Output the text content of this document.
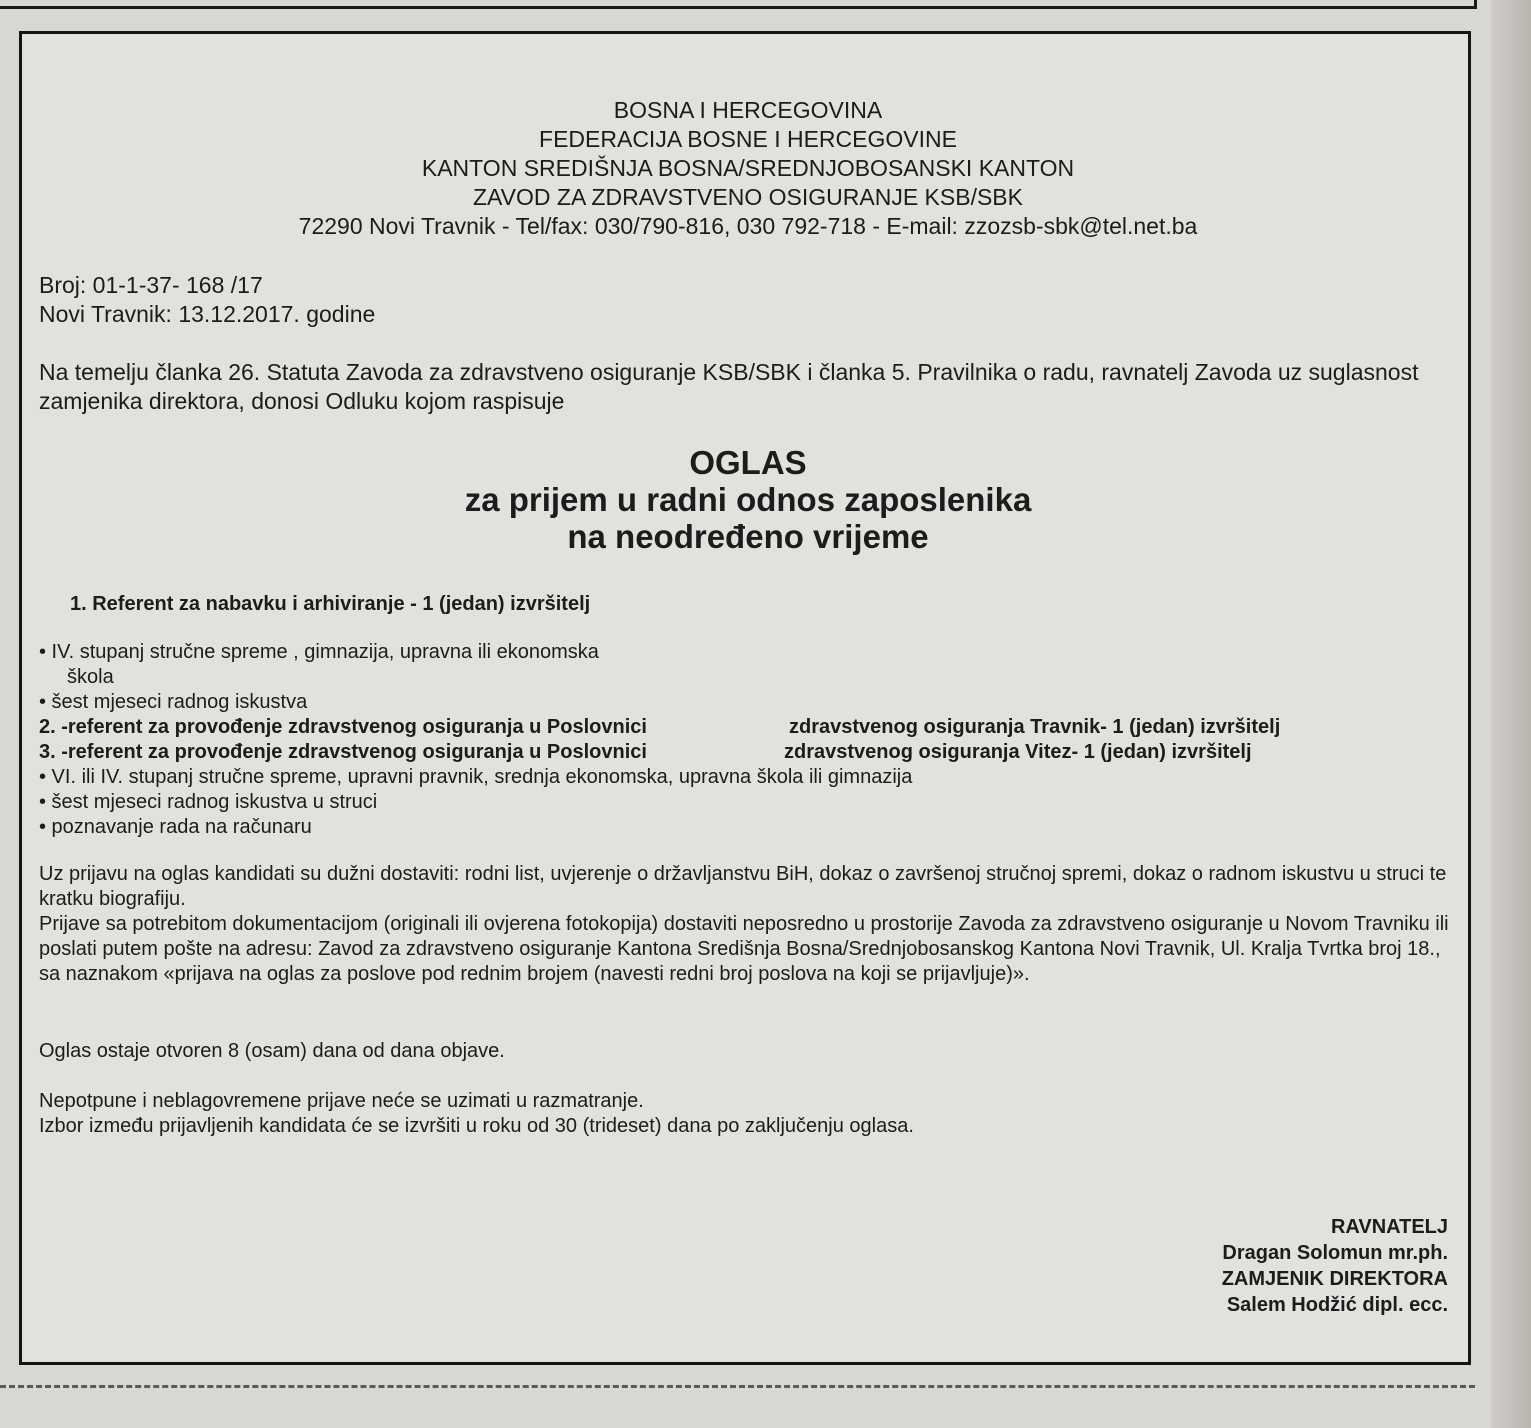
BOSNA I HERCEGOVINA
FEDERACIJA BOSNE I HERCEGOVINE
KANTON SREDIŠNJA BOSNA/SREDNJOBOSANSKI KANTON
ZAVOD ZA ZDRAVSTVENO OSIGURANJE KSB/SBK
72290 Novi Travnik - Tel/fax: 030/790-816, 030 792-718 - E-mail: zzozsb-sbk@tel.net.ba
Broj: 01-1-37- 168 /17
Novi Travnik: 13.12.2017. godine
Na temelju članka 26. Statuta Zavoda za zdravstveno osiguranje KSB/SBK i članka 5. Pravilnika o radu, ravnatelj Zavoda uz suglasnost zamjenika direktora, donosi Odluku kojom raspisuje
OGLAS
za prijem u radni odnos zaposlenika
na neodređeno vrijeme
1. Referent za nabavku i arhiviranje - 1 (jedan) izvršitelj
• IV. stupanj stručne spreme , gimnazija, upravna ili ekonomska
škola
• šest mjeseci radnog iskustva
2. -referent za provođenje zdravstvenog osiguranja u Poslovnici	zdravstvenog osiguranja Travnik- 1 (jedan) izvršitelj
3. -referent za provođenje zdravstvenog osiguranja u Poslovnici	zdravstvenog osiguranja Vitez- 1 (jedan) izvršitelj
• VI. ili IV. stupanj stručne spreme, upravni pravnik, srednja ekonomska, upravna škola ili gimnazija
• šest mjeseci radnog iskustva u struci
• poznavanje rada na računaru

Uz prijavu na oglas kandidati su dužni dostaviti: rodni list, uvjerenje o državljanstvu BiH, dokaz o završenoj stručnoj spremi, dokaz o radnom iskustvu u struci te kratku biografiju.

Prijave sa potrebitom dokumentacijom (originali ili ovjerena fotokopija) dostaviti neposredno u prostorije Zavoda za zdravstveno osiguranje u Novom Travniku ili poslati putem pošte na adresu: Zavod za zdravstveno osiguranje Kantona Središnja Bosna/Srednjobosanskog Kantona Novi Travnik, Ul. Kralja Tvrtka broj 18., sa naznakom «prijava na oglas za poslove pod rednim brojem (navesti redni broj poslova na koji se prijavljuje)».

Oglas ostaje otvoren 8 (osam) dana od dana objave.
Nepotpune i neblagovremene prijave neće se uzimati u razmatranje.
Izbor između prijavljenih kandidata će se izvršiti u roku od 30 (trideset) dana po zaključenju oglasa.
RAVNATELJ
Dragan Solomun mr.ph.
ZAMJENIK DIREKTORA
Salem Hodžić dipl. ecc.
